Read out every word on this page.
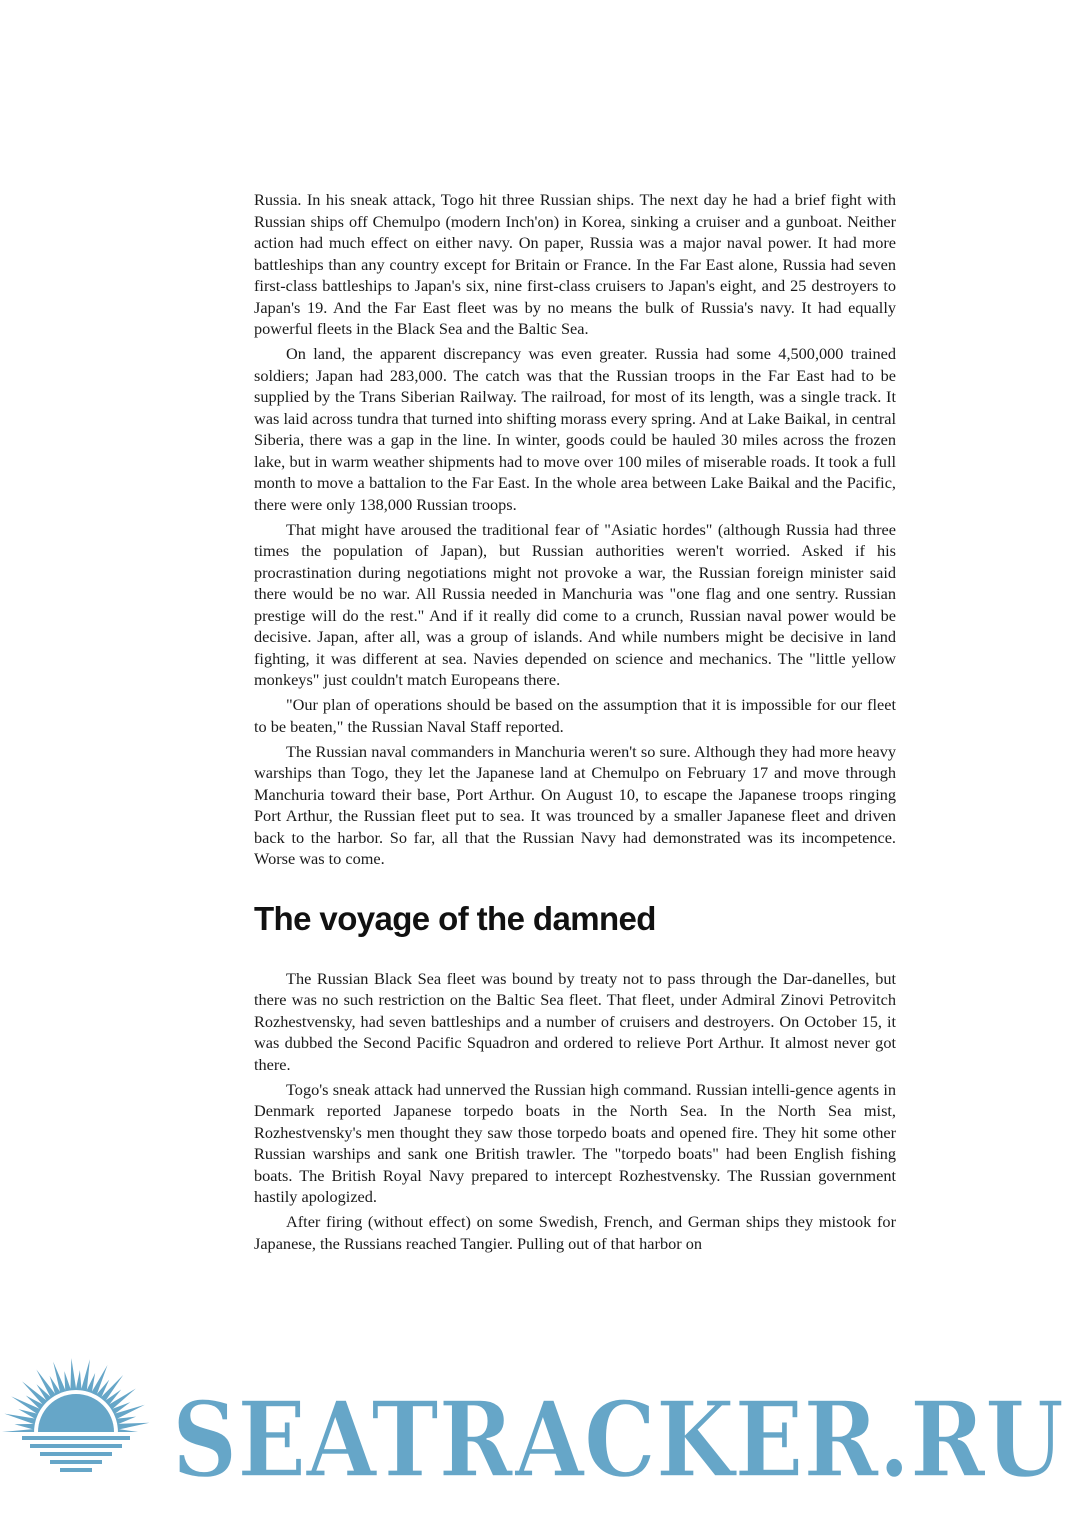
Russia. In his sneak attack, Togo hit three Russian ships. The next day he had a brief fight with Russian ships off Chemulpo (modern Inch'on) in Korea, sinking a cruiser and a gunboat. Neither action had much effect on either navy. On paper, Russia was a major naval power. It had more battleships than any country except for Britain or France. In the Far East alone, Russia had seven first-class battleships to Japan's six, nine first-class cruisers to Japan's eight, and 25 destroyers to Japan's 19. And the Far East fleet was by no means the bulk of Russia's navy. It had equally powerful fleets in the Black Sea and the Baltic Sea.

On land, the apparent discrepancy was even greater. Russia had some 4,500,000 trained soldiers; Japan had 283,000. The catch was that the Russian troops in the Far East had to be supplied by the Trans Siberian Railway. The railroad, for most of its length, was a single track. It was laid across tundra that turned into shifting morass every spring. And at Lake Baikal, in central Siberia, there was a gap in the line. In winter, goods could be hauled 30 miles across the frozen lake, but in warm weather shipments had to move over 100 miles of miserable roads. It took a full month to move a battalion to the Far East. In the whole area between Lake Baikal and the Pacific, there were only 138,000 Russian troops.

That might have aroused the traditional fear of "Asiatic hordes" (although Russia had three times the population of Japan), but Russian authorities weren't worried. Asked if his procrastination during negotiations might not provoke a war, the Russian foreign minister said there would be no war. All Russia needed in Manchuria was "one flag and one sentry. Russian prestige will do the rest." And if it really did come to a crunch, Russian naval power would be decisive. Japan, after all, was a group of islands. And while numbers might be decisive in land fighting, it was different at sea. Navies depended on science and mechanics. The "little yellow monkeys" just couldn't match Europeans there.

"Our plan of operations should be based on the assumption that it is impossible for our fleet to be beaten," the Russian Naval Staff reported.

The Russian naval commanders in Manchuria weren't so sure. Although they had more heavy warships than Togo, they let the Japanese land at Chemulpo on February 17 and move through Manchuria toward their base, Port Arthur. On August 10, to escape the Japanese troops ringing Port Arthur, the Russian fleet put to sea. It was trounced by a smaller Japanese fleet and driven back to the harbor. So far, all that the Russian Navy had demonstrated was its incompetence. Worse was to come.

The voyage of the damned

The Russian Black Sea fleet was bound by treaty not to pass through the Dar-danelles, but there was no such restriction on the Baltic Sea fleet. That fleet, under Admiral Zinovi Petrovitch Rozhestvensky, had seven battleships and a number of cruisers and destroyers. On October 15, it was dubbed the Second Pacific Squadron and ordered to relieve Port Arthur. It almost never got there.

Togo's sneak attack had unnerved the Russian high command. Russian intelli-gence agents in Denmark reported Japanese torpedo boats in the North Sea. In the North Sea mist, Rozhestvensky's men thought they saw those torpedo boats and opened fire. They hit some other Russian warships and sank one British trawler. The "torpedo boats" had been English fishing boats. The British Royal Navy prepared to intercept Rozhestvensky. The Russian government hastily apologized.

After firing (without effect) on some Swedish, French, and German ships they mistook for Japanese, the Russians reached Tangier. Pulling out of that harbor on

SEATRACKER.RU
